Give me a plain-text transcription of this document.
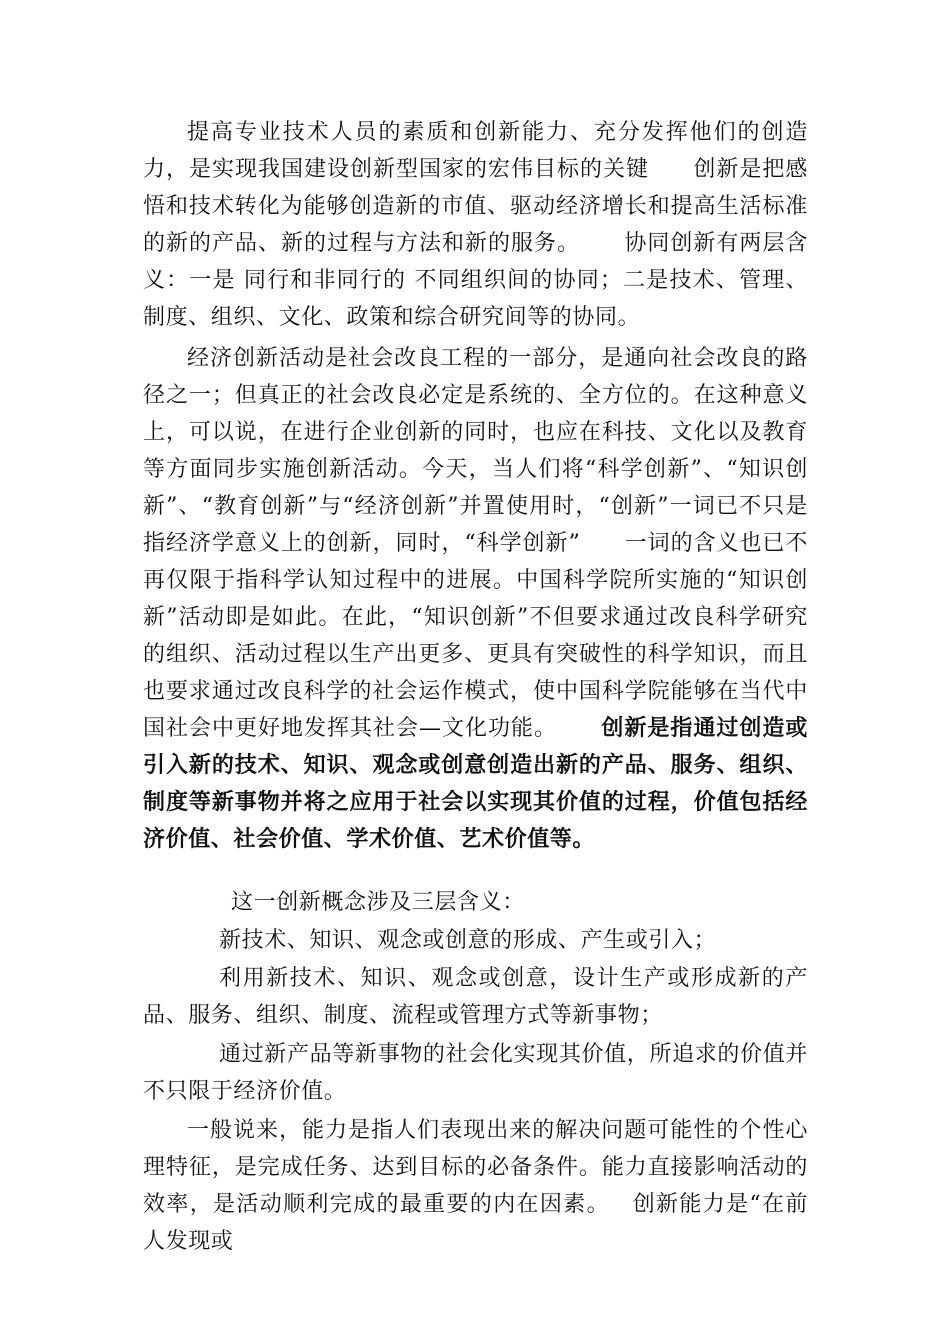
提高专业技术人员的素质和创新能力、充分发挥他们的创造力，是实现我国建设创新型国家的宏伟目标的关键 创新是把感悟和技术转化为能够创造新的市值、驱动经济增长和提高生活标准的新的产品、新的过程与方法和新的服务。 协同创新有两层含义：一是 同行和非同行的 不同组织间的协同；二是技术、管理、制度、组织、文化、政策和综合研究间等的协同。

经济创新活动是社会改良工程的一部分，是通向社会改良的路径之一；但真正的社会改良必定是系统的、全方位的。在这种意义上，可以说，在进行企业创新的同时，也应在科技、文化以及教育等方面同步实施创新活动。今天，当人们将“科学创新”、“知识创新”、“教育创新”与“经济创新”并置使用时，“创新”一词已不只是指经济学意义上的创新，同时，“科学创新” 一词的含义也已不再仅限于指科学认知过程中的进展。中国科学院所实施的“知识创新”活动即是如此。在此，“知识创新”不但要求通过改良科学研究的组织、活动过程以生产出更多、更具有突破性的科学知识，而且也要求通过改良科学的社会运作模式，使中国科学院能够在当代中国社会中更好地发挥其社会—文化功能。 创新是指通过创造或引入新的技术、知识、观念或创意创造出新的产品、服务、组织、制度等新事物并将之应用于社会以实现其价值的过程，价值包括经济价值、社会价值、学术价值、艺术价值等。

这一创新概念涉及三层含义：

新技术、知识、观念或创意的形成、产生或引入；

利用新技术、知识、观念或创意，设计生产或形成新的产品、服务、组织、制度、流程或管理方式等新事物；

通过新产品等新事物的社会化实现其价值，所追求的价值并不只限于经济价值。

一般说来，能力是指人们表现出来的解决问题可能性的个性心理特征，是完成任务、达到目标的必备条件。能力直接影响活动的效率，是活动顺利完成的最重要的内在因素。 创新能力是“在前人发现或
